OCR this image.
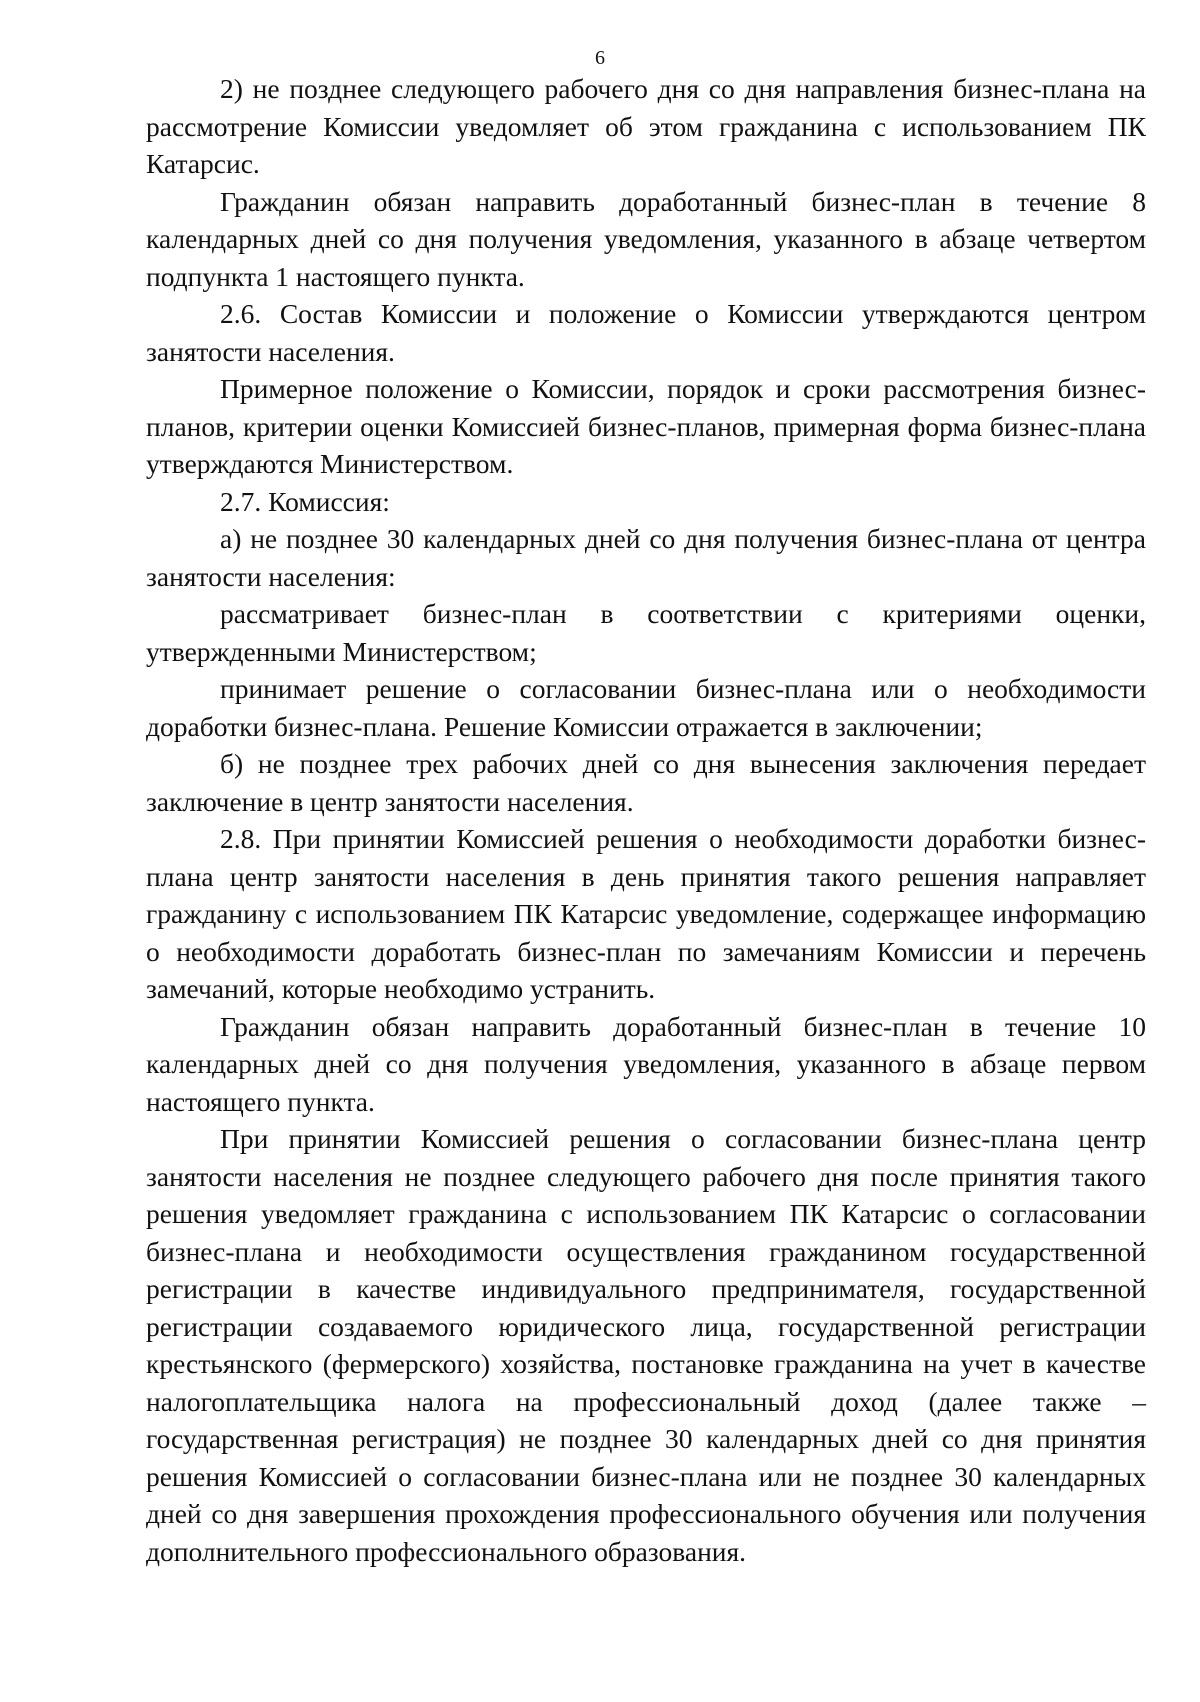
6

2) не позднее следующего рабочего дня со дня направления бизнес-плана на рассмотрение Комиссии уведомляет об этом гражданина с использованием ПК Катарсис.

Гражданин обязан направить доработанный бизнес-план в течение 8 календарных дней со дня получения уведомления, указанного в абзаце четвертом подпункта 1 настоящего пункта.

2.6. Состав Комиссии и положение о Комиссии утверждаются центром занятости населения.

Примерное положение о Комиссии, порядок и сроки рассмотрения бизнес-планов, критерии оценки Комиссией бизнес-планов, примерная форма бизнес-плана утверждаются Министерством.

2.7. Комиссия:

а) не позднее 30 календарных дней со дня получения бизнес-плана от центра занятости населения:

рассматривает бизнес-план в соответствии с критериями оценки, утвержденными Министерством;

принимает решение о согласовании бизнес-плана или о необходимости доработки бизнес-плана. Решение Комиссии отражается в заключении;

б) не позднее трех рабочих дней со дня вынесения заключения передает заключение в центр занятости населения.

2.8. При принятии Комиссией решения о необходимости доработки бизнес-плана центр занятости населения в день принятия такого решения направляет гражданину с использованием ПК Катарсис уведомление, содержащее информацию о необходимости доработать бизнес-план по замечаниям Комиссии и перечень замечаний, которые необходимо устранить.

Гражданин обязан направить доработанный бизнес-план в течение 10 календарных дней со дня получения уведомления, указанного в абзаце первом настоящего пункта.

При принятии Комиссией решения о согласовании бизнес-плана центр занятости населения не позднее следующего рабочего дня после принятия такого решения уведомляет гражданина с использованием ПК Катарсис о согласовании бизнес-плана и необходимости осуществления гражданином государственной регистрации в качестве индивидуального предпринимателя, государственной регистрации создаваемого юридического лица, государственной регистрации крестьянского (фермерского) хозяйства, постановке гражданина на учет в качестве налогоплательщика налога на профессиональный доход (далее также – государственная регистрация) не позднее 30 календарных дней со дня принятия решения Комиссией о согласовании бизнес-плана или не позднее 30 календарных дней со дня завершения прохождения профессионального обучения или получения дополнительного профессионального образования.
